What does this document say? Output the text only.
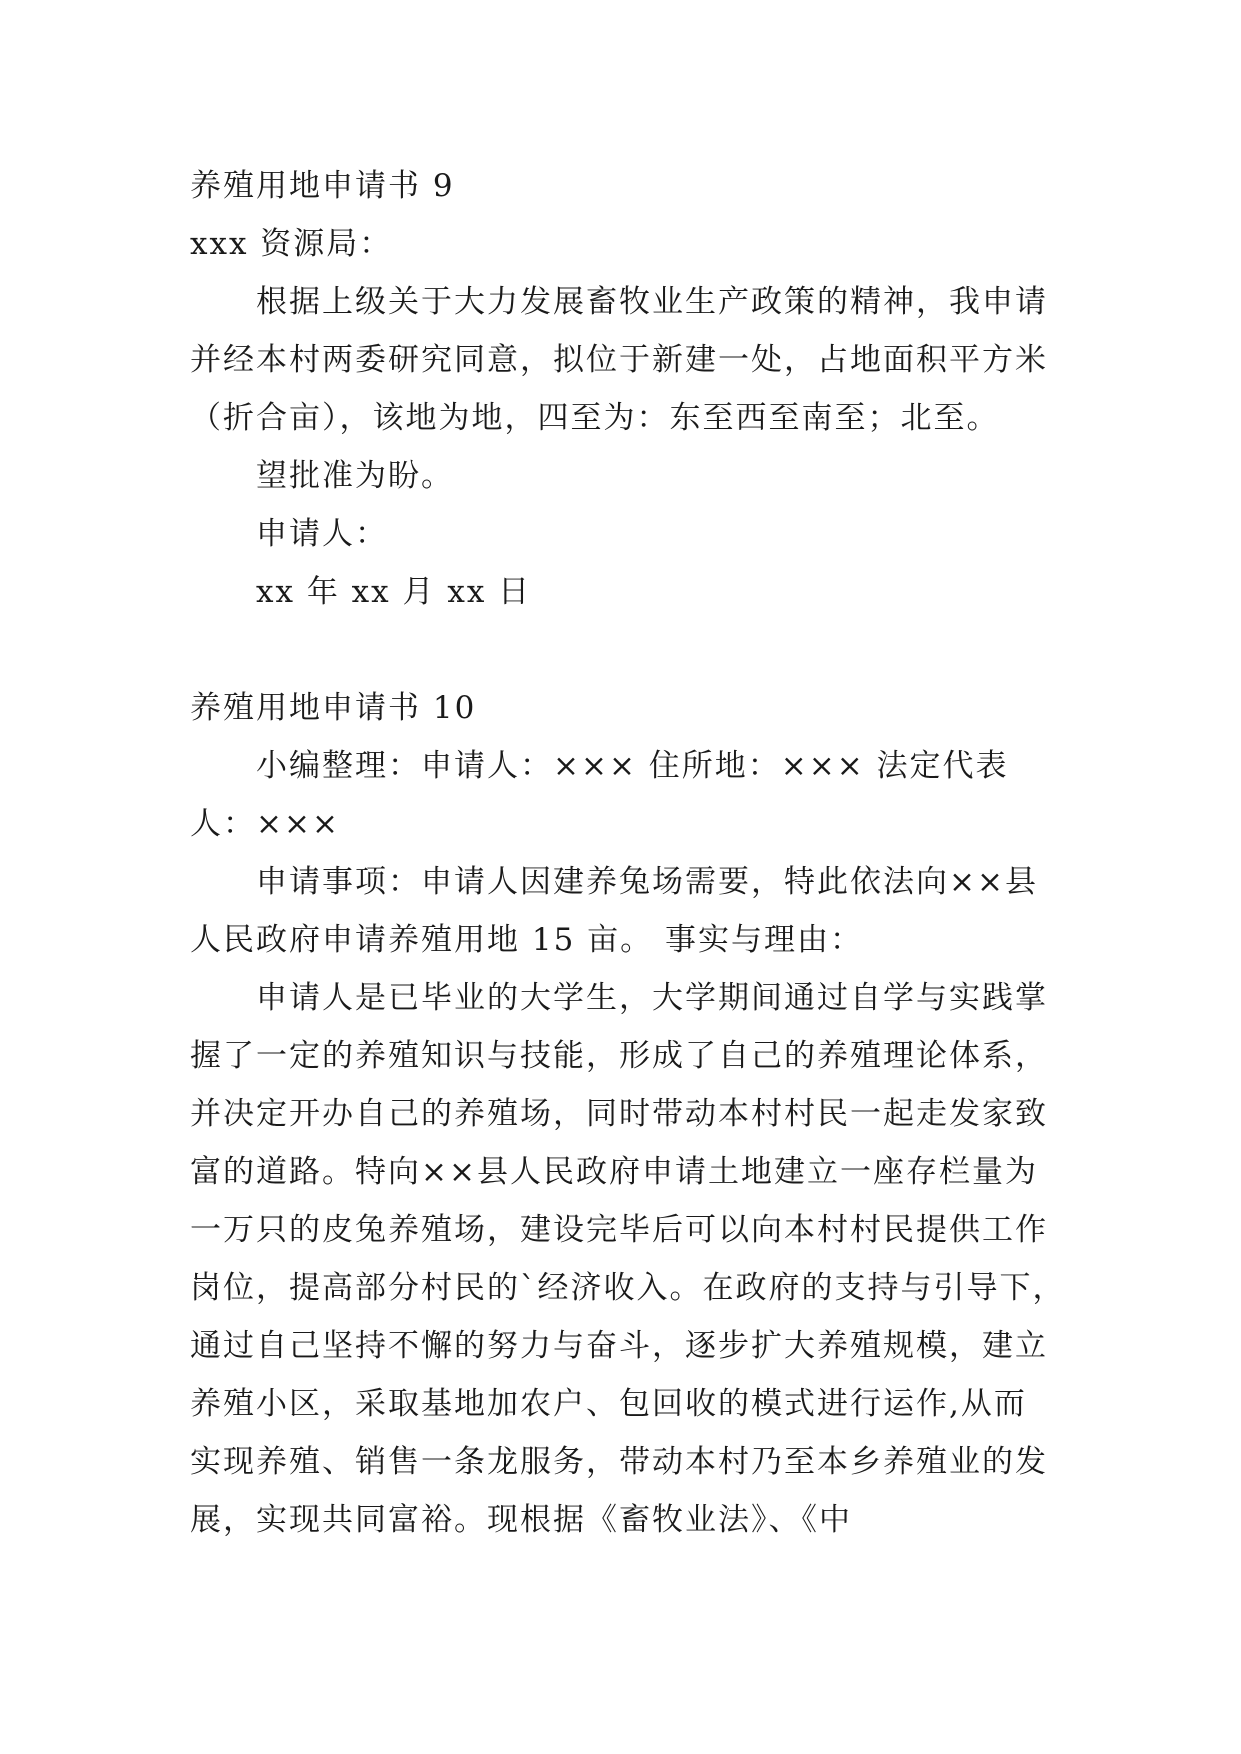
养殖用地申请书 9
xxx 资源局：
根据上级关于大力发展畜牧业生产政策的精神，我申请
并经本村两委研究同意，拟位于新建一处，占地面积平方米
（折合亩），该地为地，四至为：东至西至南至；北至。
望批准为盼。
申请人：
xx 年 xx 月 xx 日
养殖用地申请书 10
小编整理：申请人：××× 住所地：××× 法定代表
人：×××
申请事项：申请人因建养兔场需要，特此依法向××县
人民政府申请养殖用地 15 亩。 事实与理由：
申请人是已毕业的大学生，大学期间通过自学与实践掌
握了一定的养殖知识与技能，形成了自己的养殖理论体系，
并决定开办自己的养殖场，同时带动本村村民一起走发家致
富的道路。特向××县人民政府申请土地建立一座存栏量为
一万只的皮兔养殖场，建设完毕后可以向本村村民提供工作
岗位，提高部分村民的`经济收入。在政府的支持与引导下，
通过自己坚持不懈的努力与奋斗，逐步扩大养殖规模，建立
养殖小区，采取基地加农户、包回收的模式进行运作,从而
实现养殖、销售一条龙服务，带动本村乃至本乡养殖业的发
展，实现共同富裕。现根据《畜牧业法》、《中
